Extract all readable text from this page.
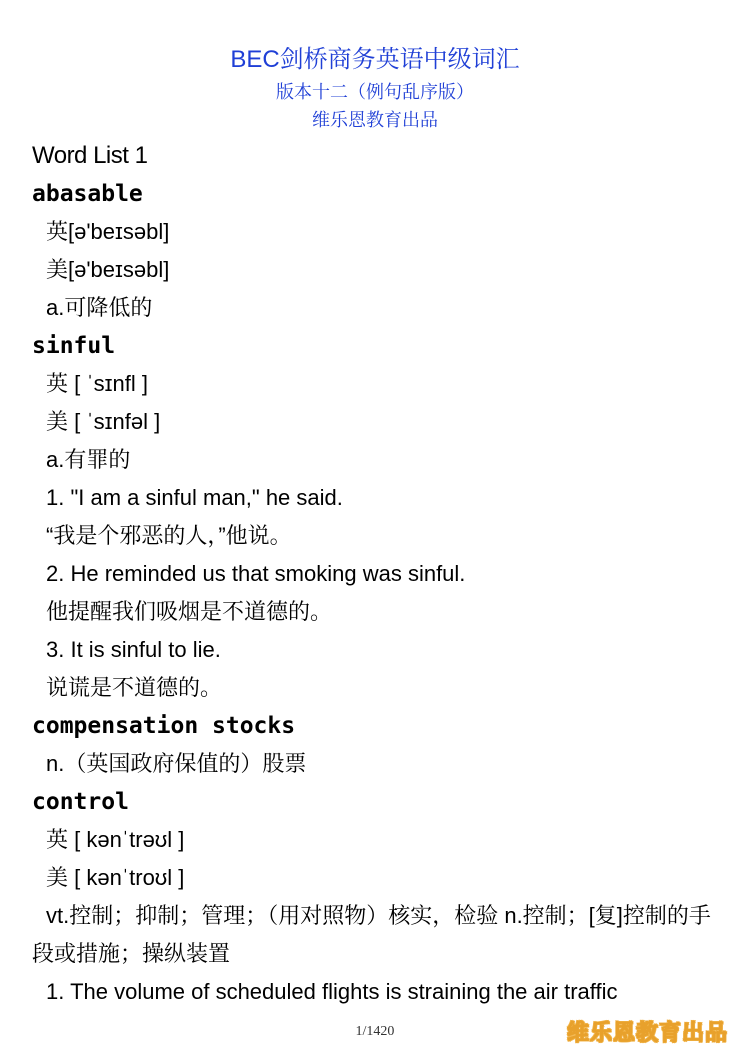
BEC剑桥商务英语中级词汇

版本十二（例句乱序版）

维乐恩教育出品

Word List 1

abasable

英[ə'beɪsəbl]

美[ə'beɪsəbl]

a.可降低的

sinful

英 [ ˈsɪnfl ]

美 [ ˈsɪnfəl ]

a.有罪的

1. "I am a sinful man," he said.

“我是个邪恶的人，”他说。

2. He reminded us that smoking was sinful.

他提醒我们吸烟是不道德的。

3. It is sinful to lie.

说谎是不道德的。

compensation stocks

n.（英国政府保值的）股票

control

英 [ kənˈtrəʊl ]

美 [ kənˈtroʊl ]

vt.控制；抑制；管理；（用对照物）核实，检验 n.控制；[复]控制的手段或措施；操纵装置

1. The volume of scheduled flights is straining the air traffic

1/1420	维乐恩教育出品
